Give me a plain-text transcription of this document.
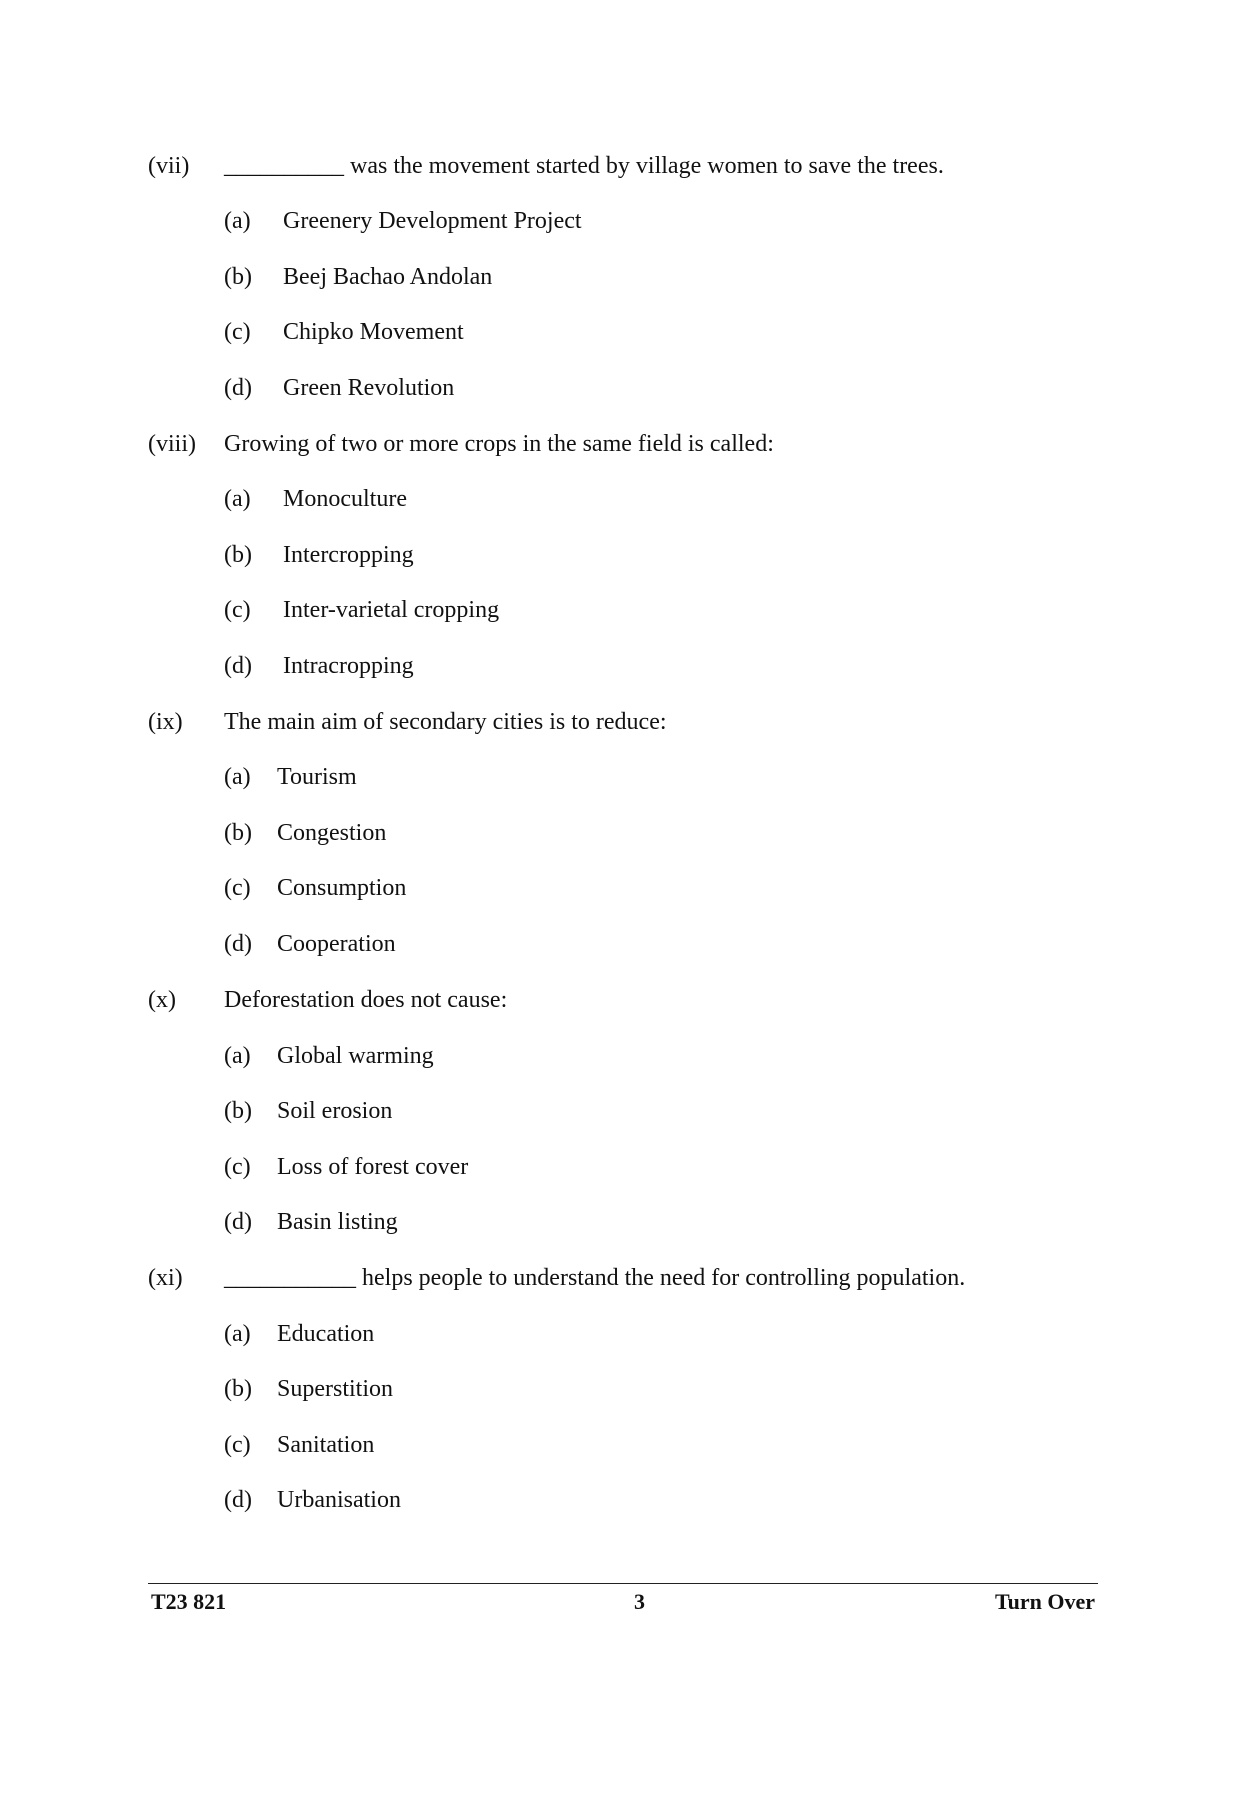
(vii)	__________ was the movement started by village women to save the trees.
(a)	Greenery Development Project
(b)	Beej Bachao Andolan
(c)	Chipko Movement
(d)	Green Revolution
(viii)	Growing of two or more crops in the same field is called:
(a)	Monoculture
(b)	Intercropping
(c)	Inter-varietal cropping
(d)	Intracropping
(ix)	The main aim of secondary cities is to reduce:
(a)	Tourism
(b)	Congestion
(c)	Consumption
(d)	Cooperation
(x)	Deforestation does not cause:
(a)	Global warming
(b)	Soil erosion
(c)	Loss of forest cover
(d)	Basin listing
(xi)	___________ helps people to understand the need for controlling population.
(a)	Education
(b)	Superstition
(c)	Sanitation
(d)	Urbanisation
T23 821	3	Turn Over
